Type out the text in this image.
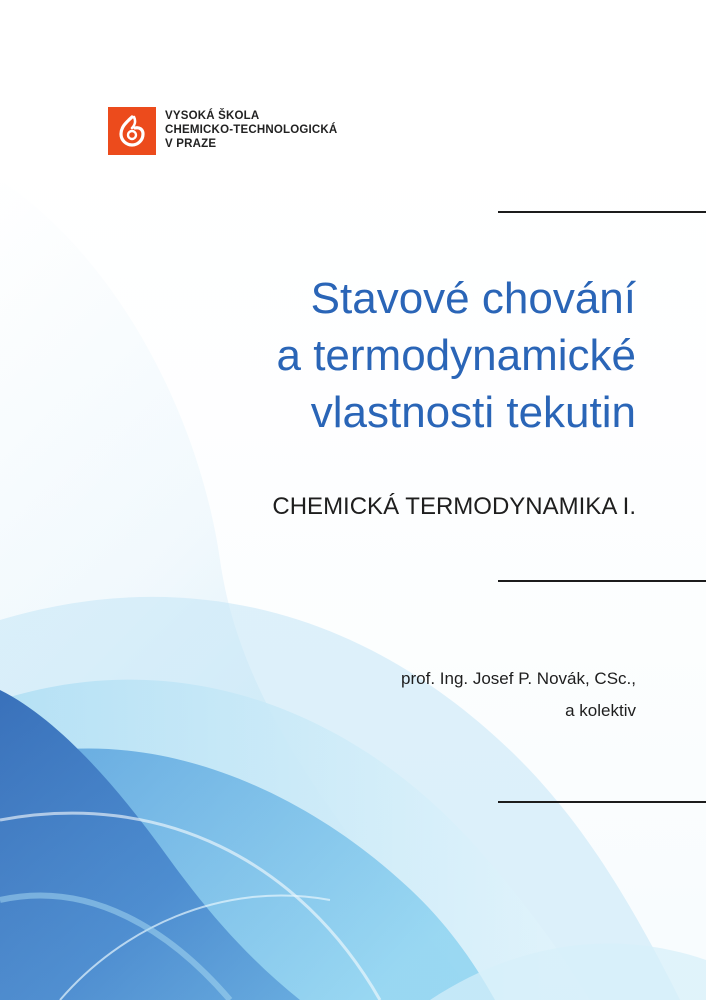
VYSOKÁ ŠKOLA
CHEMICKO-TECHNOLOGICKÁ
V PRAZE
Stavové chování
a termodynamické
vlastnosti tekutin
CHEMICKÁ TERMODYNAMIKA I.
prof. Ing. Josef P. Novák, CSc.,
a kolektiv
